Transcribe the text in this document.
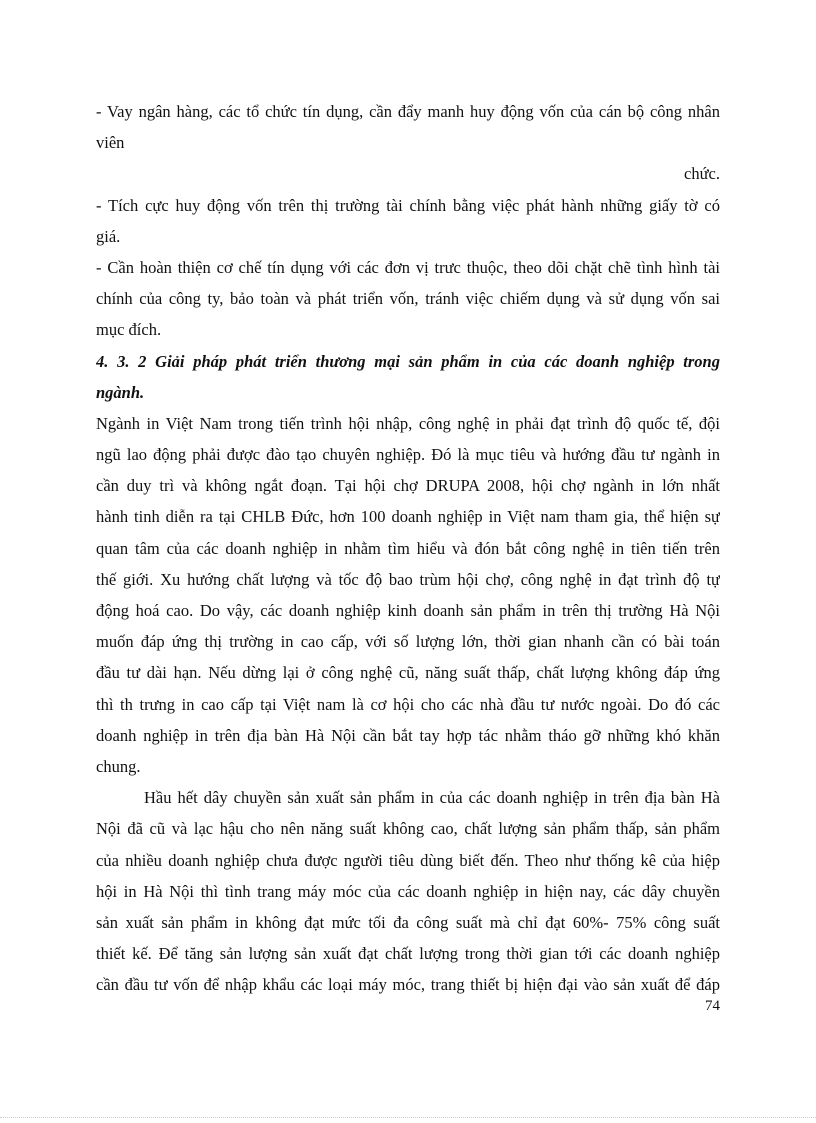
- Vay ngân hàng, các tổ chức tín dụng, cần đẩy manh huy động vốn của cán bộ công nhân
viên
chức.
- Tích cực huy động vốn trên thị trường tài chính bằng việc phát hành những giấy tờ có
giá.
- Cần hoàn thiện cơ chế tín dụng với các đơn vị trưc thuộc, theo dõi chặt chẽ tình hình tài
chính của công ty, bảo toàn và phát triển vốn, tránh việc chiếm dụng và sử dụng vốn sai
mục đích.
4. 3. 2 Giải pháp phát triển thương mại sản phẩm in của các doanh nghiệp trong
ngành.
Ngành in Việt Nam trong tiến trình hội nhập, công nghệ in phải đạt trình độ quốc tế, đội
ngũ lao động phải được đào tạo chuyên nghiệp. Đó là mục tiêu và hướng đầu tư ngành in
cần duy trì và không ngắt đoạn. Tại hội chợ DRUPA 2008, hội chợ ngành in lớn nhất
hành tinh diễn ra tại CHLB Đức, hơn 100 doanh nghiệp in Việt nam tham gia, thể hiện sự
quan tâm của các doanh nghiệp in nhằm tìm hiểu và đón bắt công nghệ in tiên tiến trên
thế giới. Xu hướng chất lượng và tốc độ bao trùm hội chợ, công nghệ in đạt trình độ tự
động hoá cao. Do vậy, các doanh nghiệp kinh doanh sản phẩm in trên thị trường Hà Nội
muốn đáp ứng thị trường in cao cấp, với số lượng lớn, thời gian nhanh cần có bài toán
đầu tư dài hạn. Nếu dừng lại ở công nghệ cũ, năng suất thấp, chất lượng không đáp ứng
thì th trưng in cao cấp tại Việt nam là cơ hội cho các nhà đầu tư nước ngoài. Do đó các
doanh nghiệp in trên địa bàn Hà Nội cần bắt tay hợp tác nhằm tháo gỡ những khó khăn
chung.
Hầu hết dây chuyền sản xuất sản phẩm in của các doanh nghiệp in trên địa bàn Hà
Nội đã cũ và lạc hậu cho nên năng suất không cao, chất lượng sản phẩm thấp, sản phẩm
của nhiều doanh nghiệp chưa được người tiêu dùng biết đến. Theo như thống kê của hiệp
hội in Hà Nội thì tình trang máy móc của các doanh nghiệp in hiện nay, các dây chuyền
sản xuất sản phẩm in không đạt mức tối đa công suất mà chỉ đạt 60%- 75% công suất
thiết kế. Để tăng sản lượng sản xuất đạt chất lượng trong thời gian tới các doanh nghiệp
cần đầu tư vốn để nhập khẩu các loại máy móc, trang thiết bị hiện đại vào sản xuất để đáp
74
